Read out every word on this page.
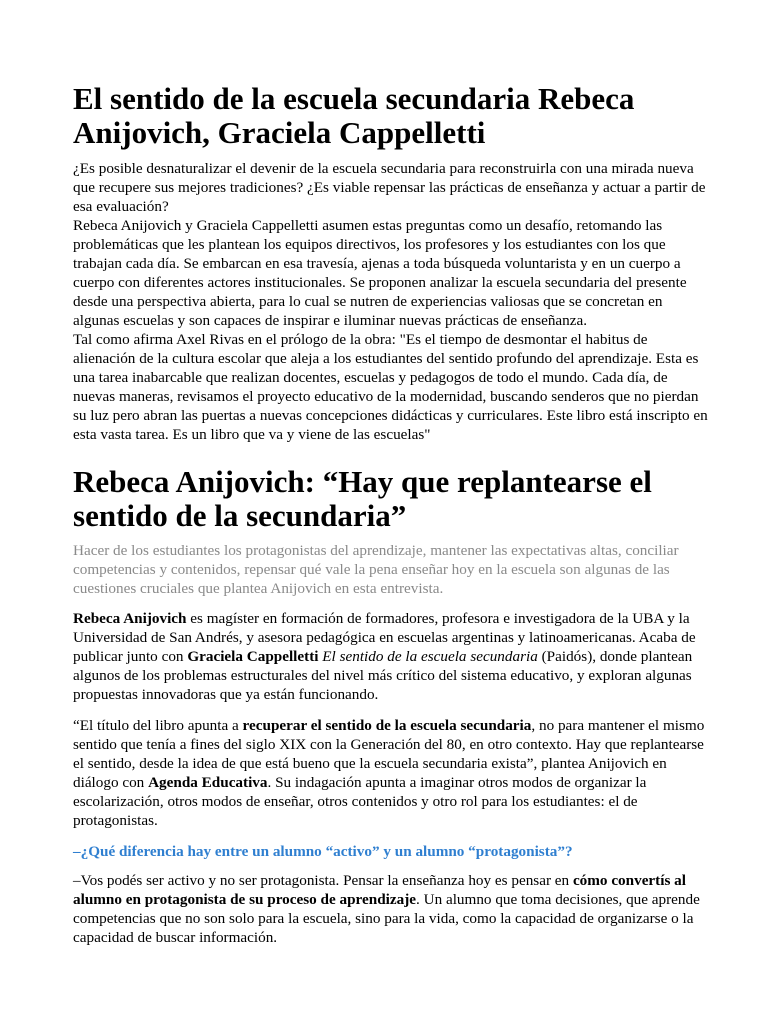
El sentido de la escuela secundaria Rebeca Anijovich, Graciela Cappelletti

¿Es posible desnaturalizar el devenir de la escuela secundaria para reconstruirla con una mirada nueva que recupere sus mejores tradiciones? ¿Es viable repensar las prácticas de enseñanza y actuar a partir de esa evaluación?

Rebeca Anijovich y Graciela Cappelletti asumen estas preguntas como un desafío, retomando las problemáticas que les plantean los equipos directivos, los profesores y los estudiantes con los que trabajan cada día. Se embarcan en esa travesía, ajenas a toda búsqueda voluntarista y en un cuerpo a cuerpo con diferentes actores institucionales. Se proponen analizar la escuela secundaria del presente desde una perspectiva abierta, para lo cual se nutren de experiencias valiosas que se concretan en algunas escuelas y son capaces de inspirar e iluminar nuevas prácticas de enseñanza.

Tal como afirma Axel Rivas en el prólogo de la obra: "Es el tiempo de desmontar el habitus de alienación de la cultura escolar que aleja a los estudiantes del sentido profundo del aprendizaje. Esta es una tarea inabarcable que realizan docentes, escuelas y pedagogos de todo el mundo. Cada día, de nuevas maneras, revisamos el proyecto educativo de la modernidad, buscando senderos que no pierdan su luz pero abran las puertas a nuevas concepciones didácticas y curriculares. Este libro está inscripto en esta vasta tarea. Es un libro que va y viene de las escuelas"

Rebeca Anijovich: “Hay que replantearse el sentido de la secundaria”

Hacer de los estudiantes los protagonistas del aprendizaje, mantener las expectativas altas, conciliar competencias y contenidos, repensar qué vale la pena enseñar hoy en la escuela son algunas de las cuestiones cruciales que plantea Anijovich en esta entrevista.

Rebeca Anijovich es magíster en formación de formadores, profesora e investigadora de la UBA y la Universidad de San Andrés, y asesora pedagógica en escuelas argentinas y latinoamericanas. Acaba de publicar junto con Graciela Cappelletti El sentido de la escuela secundaria (Paidós), donde plantean algunos de los problemas estructurales del nivel más crítico del sistema educativo, y exploran algunas propuestas innovadoras que ya están funcionando.

“El título del libro apunta a recuperar el sentido de la escuela secundaria, no para mantener el mismo sentido que tenía a fines del siglo XIX con la Generación del 80, en otro contexto. Hay que replantearse el sentido, desde la idea de que está bueno que la escuela secundaria exista”, plantea Anijovich en diálogo con Agenda Educativa. Su indagación apunta a imaginar otros modos de organizar la escolarización, otros modos de enseñar, otros contenidos y otro rol para los estudiantes: el de protagonistas.

–¿Qué diferencia hay entre un alumno “activo” y un alumno “protagonista”?

–Vos podés ser activo y no ser protagonista. Pensar la enseñanza hoy es pensar en cómo convertís al alumno en protagonista de su proceso de aprendizaje. Un alumno que toma decisiones, que aprende competencias que no son solo para la escuela, sino para la vida, como la capacidad de organizarse o la capacidad de buscar información.
